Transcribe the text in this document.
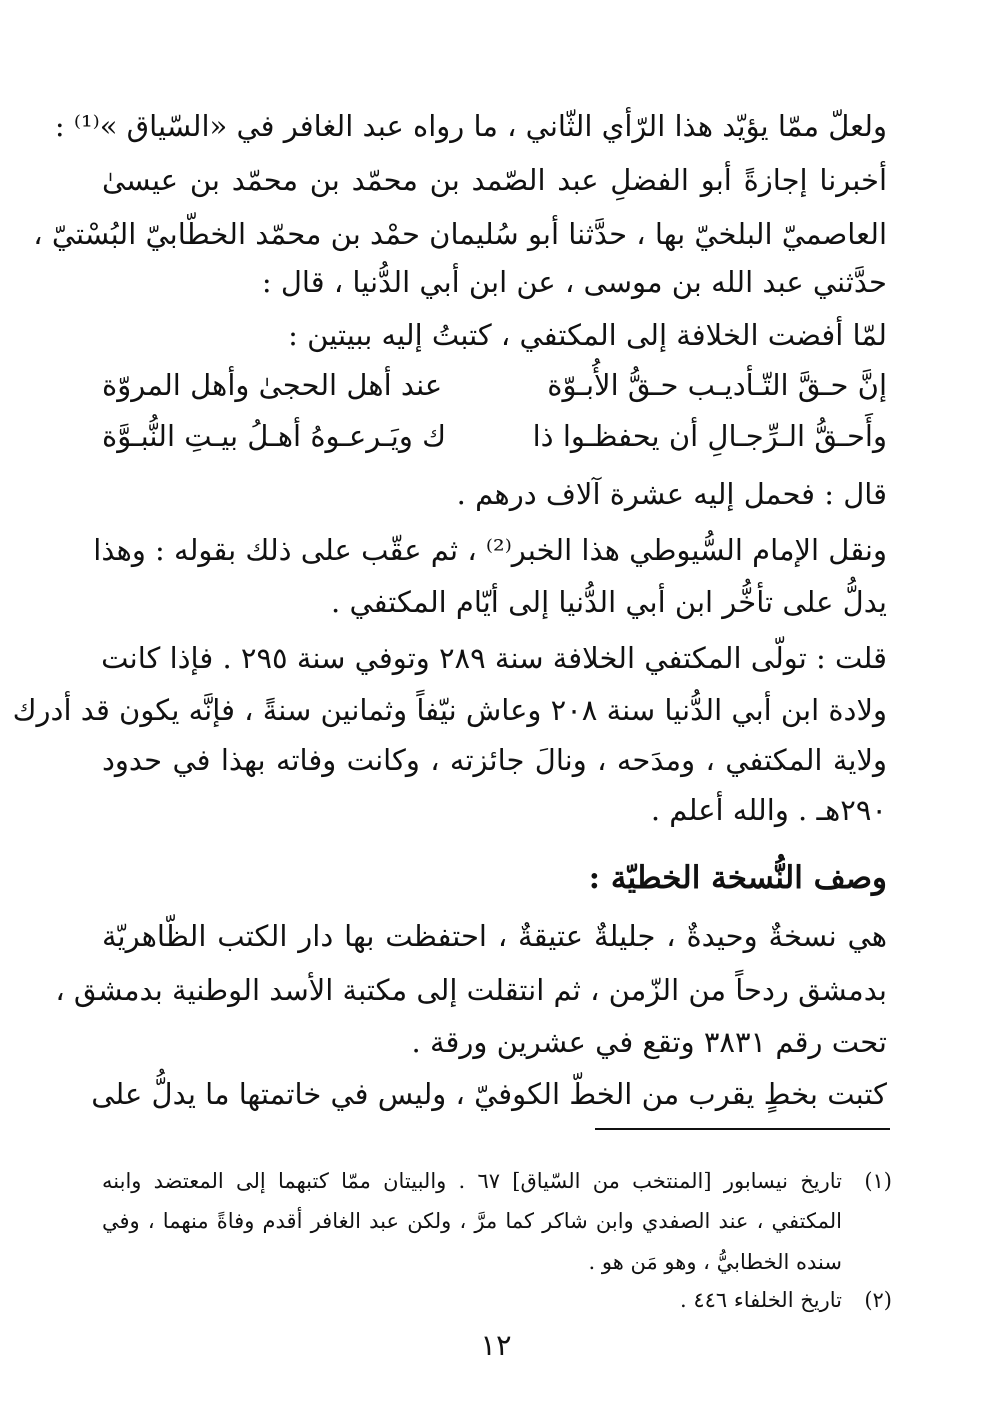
ولعلّ ممّا يؤيّد هذا الرّأي الثّاني ، ما رواه عبد الغافر في «السّياق »⁽¹⁾ :
أخبرنا إجازةً أبو الفضلِ عبد الصّمد بن محمّد بن محمّد بن عيسىٰ
العاصميّ البلخيّ بها ، حدَّثنا أبو سُليمان حمْد بن محمّد الخطّابيّ البُسْتيّ ،
حدَّثني عبد الله بن موسى ، عن ابن أبي الدُّنيا ، قال :
لمّا أفضت الخلافة إلى المكتفي ، كتبتُ إليه ببيتين :
إنَّ حـقَّ التّـأديـب حـقُّ الأُبـوّة
عند أهل الحجىٰ وأهل المروّة
وأَحـقُّ الـرِّجـالِ أن يحفظـوا ذا
ك ويَـرعـوهُ أهـلُ بيـتِ النُّبـوَّة
قال : فحمل إليه عشرة آلاف درهم .
ونقل الإمام السُّيوطي هذا الخبر⁽²⁾ ، ثم عقّب على ذلك بقوله : وهذا
يدلُّ على تأخُّر ابن أبي الدُّنيا إلى أيّام المكتفي .
قلت : تولّى المكتفي الخلافة سنة ٢٨٩ وتوفي سنة ٢٩٥ . فإذا كانت
ولادة ابن أبي الدُّنيا سنة ٢٠٨ وعاش نيّفاً وثمانين سنةً ، فإنَّه يكون قد أدرك
ولاية المكتفي ، ومدَحه ، ونالَ جائزته ، وكانت وفاته بهذا في حدود
٢٩٠هـ . والله أعلم .
وصف النُّسخة الخطيّة :
هي نسخةٌ وحيدةٌ ، جليلةٌ عتيقةٌ ، احتفظت بها دار الكتب الظّاهريّة
بدمشق ردحاً من الزّمن ، ثم انتقلت إلى مكتبة الأسد الوطنية بدمشق ،
تحت رقم ٣٨٣١ وتقع في عشرين ورقة .
كتبت بخطٍ يقرب من الخطّ الكوفيّ ، وليس في خاتمتها ما يدلُّ على
(١)
تاريخ نيسابور [المنتخب من السّياق] ٦٧ . والبيتان ممّا كتبهما إلى المعتضد وابنه
المكتفي ، عند الصفدي وابن شاكر كما مرَّ ، ولكن عبد الغافر أقدم وفاةً منهما ، وفي
سنده الخطابيُّ ، وهو مَن هو .
(٢)
تاريخ الخلفاء ٤٤٦ .
١٢
